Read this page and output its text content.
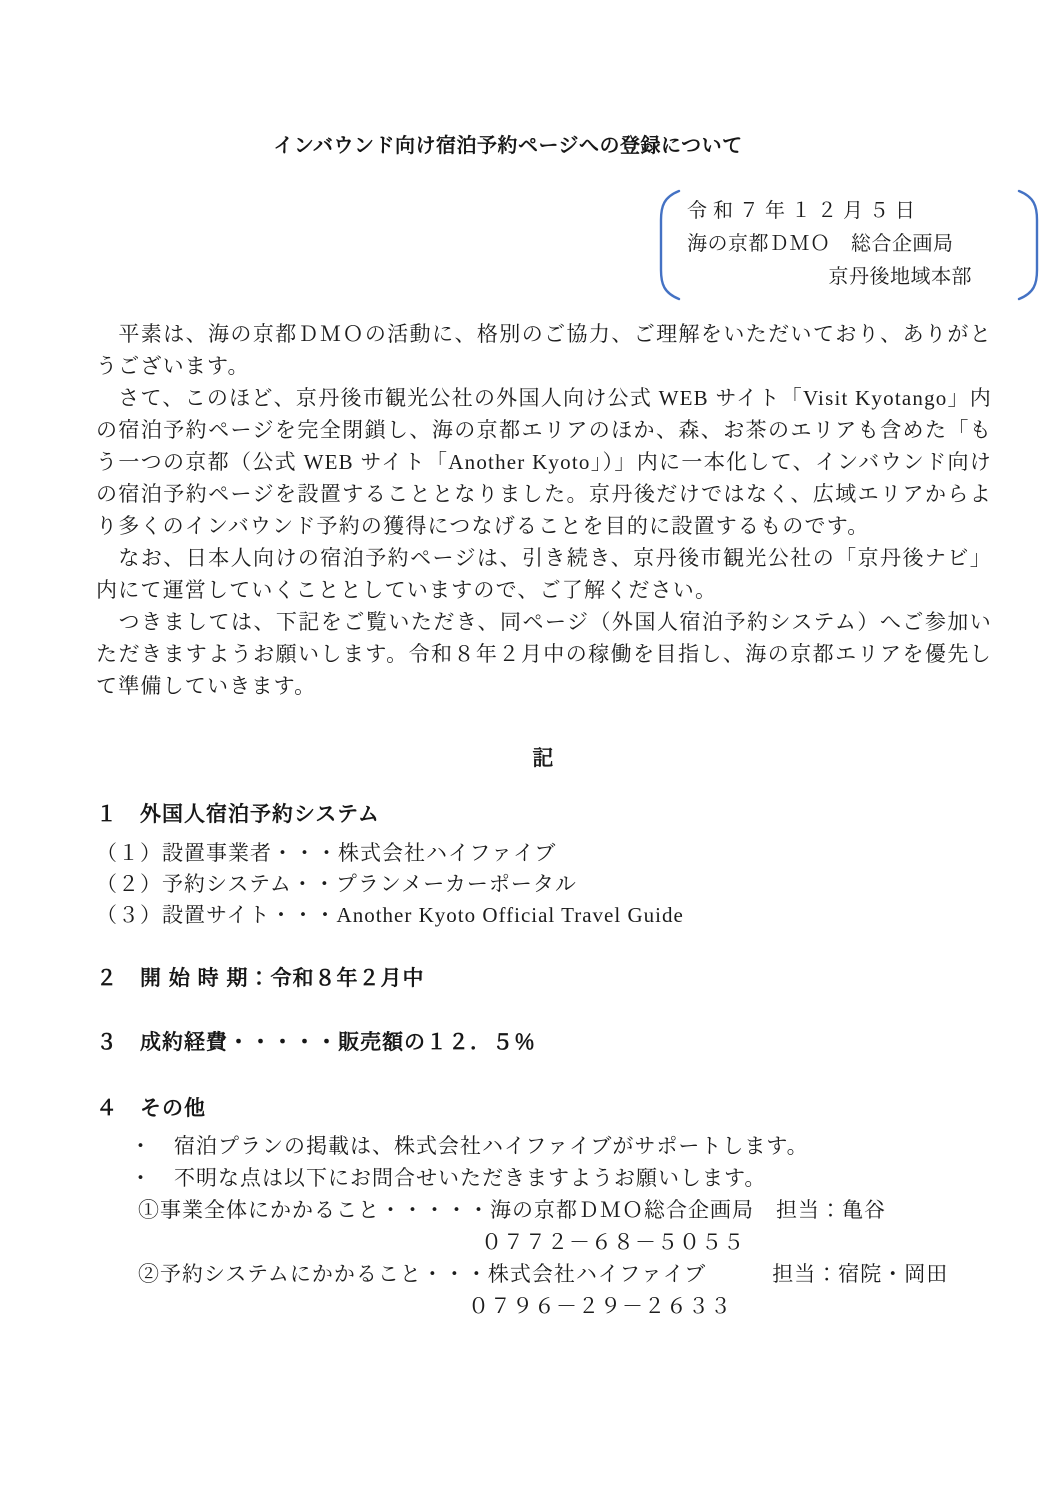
インバウンド向け宿泊予約ページへの登録について
令 和 ７ 年 １ ２ 月 ５ 日
海の京都ＤＭＯ　総合企画局
京丹後地域本部

　平素は、海の京都ＤＭＯの活動に、格別のご協力、ご理解をいただいており、ありがとうございます。

　さて、このほど、京丹後市観光公社の外国人向け公式 WEB サイト「Visit Kyotango」内の宿泊予約ページを完全閉鎖し、海の京都エリアのほか、森、お茶のエリアも含めた「もう一つの京都（公式 WEB サイト「Another Kyoto」）」内に一本化して、インバウンド向けの宿泊予約ページを設置することとなりました。京丹後だけではなく、広域エリアからより多くのインバウンド予約の獲得につなげることを目的に設置するものです。

　なお、日本人向けの宿泊予約ページは、引き続き、京丹後市観光公社の「京丹後ナビ」内にて運営していくこととしていますので、ご了解ください。

　つきましては、下記をご覧いただき、同ページ（外国人宿泊予約システム）へご参加いただきますようお願いします。令和８年２月中の稼働を目指し、海の京都エリアを優先して準備していきます。

記
１　外国人宿泊予約システム
（１）設置事業者・・・株式会社ハイファイブ
（２）予約システム・・プランメーカーポータル
（３）設置サイト・・・Another Kyoto Official Travel Guide
２　開 始 時 期：令和８年２月中
３　成約経費・・・・・販売額の１２．５％
４　その他
・　宿泊プランの掲載は、株式会社ハイファイブがサポートします。
・　不明な点は以下にお問合せいただきますようお願いします。
①事業全体にかかること・・・・・海の京都ＤＭＯ総合企画局　担当：亀谷
０７７２－６８－５０５５
②予約システムにかかること・・・株式会社ハイファイブ　　　担当：宿院・岡田
０７９６－２９－２６３３
